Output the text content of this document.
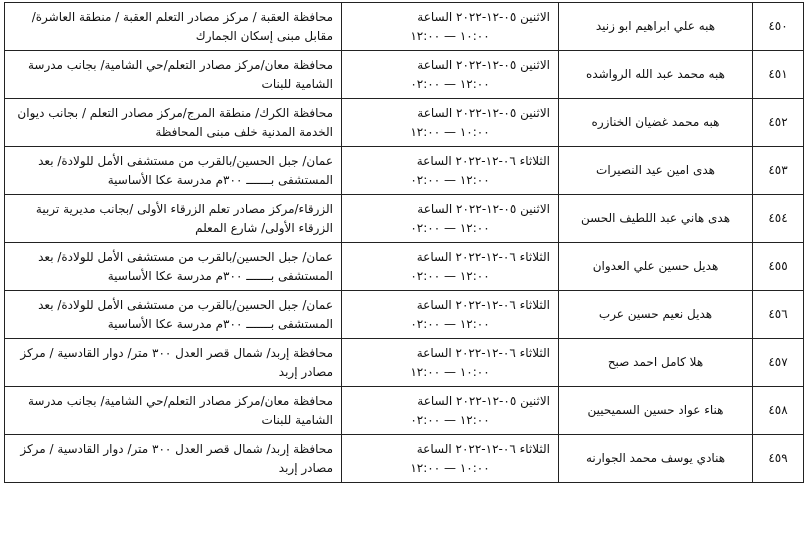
٤٥٠	هبه علي ابراهيم ابو زنيد	الاثنين ٠٥-١٢-٢٠٢٢ الساعة
١٠:٠٠ — ١٢:٠٠	محافظة العقبة / مركز مصادر التعلم العقبة / منطقة العاشرة/
مقابل مبنى إسكان الجمارك

٤٥١	هبه محمد عبد الله الرواشده	الاثنين ٠٥-١٢-٢٠٢٢ الساعة
١٢:٠٠ — ٠٢:٠٠	محافظة معان/مركز مصادر التعلم/حي الشامية/ بجانب مدرسة
الشامية للبنات

٤٥٢	هبه محمد غضيان الخنازره	الاثنين ٠٥-١٢-٢٠٢٢ الساعة
١٠:٠٠ — ١٢:٠٠	محافظة الكرك/ منطقة المرج/مركز مصادر التعلم / بجانب ديوان
الخدمة المدنية خلف مبنى المحافظة

٤٥٣	هدى امين عيد النصيرات	الثلاثاء ٠٦-١٢-٢٠٢٢ الساعة
١٢:٠٠ — ٠٢:٠٠	عمان/ جبل الحسين/بالقرب من مستشفى الأمل للولادة/ بعد
المستشفى بـــــــ ٣٠٠م مدرسة عكا الأساسية

٤٥٤	هدى هاني عبد اللطيف الحسن	الاثنين ٠٥-١٢-٢٠٢٢ الساعة
١٢:٠٠ — ٠٢:٠٠	الزرقاء/مركز مصادر تعلم الزرقاء الأولى /بجانب مديرية تربية
الزرقاء الأولى/ شارع المعلم

٤٥٥	هديل حسين علي العدوان	الثلاثاء ٠٦-١٢-٢٠٢٢ الساعة
١٢:٠٠ — ٠٢:٠٠	عمان/ جبل الحسين/بالقرب من مستشفى الأمل للولادة/ بعد
المستشفى بـــــــ ٣٠٠م مدرسة عكا الأساسية

٤٥٦	هديل نعيم حسين عرب	الثلاثاء ٠٦-١٢-٢٠٢٢ الساعة
١٢:٠٠ — ٠٢:٠٠	عمان/ جبل الحسين/بالقرب من مستشفى الأمل للولادة/ بعد
المستشفى بـــــــ ٣٠٠م مدرسة عكا الأساسية

٤٥٧	هلا كامل احمد صبح	الثلاثاء ٠٦-١٢-٢٠٢٢ الساعة
١٠:٠٠ — ١٢:٠٠	محافظة إربد/ شمال قصر العدل ٣٠٠ متر/ دوار القادسية / مركز
مصادر إربد

٤٥٨	هناء عواد حسين السميحيين	الاثنين ٠٥-١٢-٢٠٢٢ الساعة
١٢:٠٠ — ٠٢:٠٠	محافظة معان/مركز مصادر التعلم/حي الشامية/ بجانب مدرسة
الشامية للبنات

٤٥٩	هنادي يوسف محمد الجوارنه	الثلاثاء ٠٦-١٢-٢٠٢٢ الساعة
١٠:٠٠ — ١٢:٠٠	محافظة إربد/ شمال قصر العدل ٣٠٠ متر/ دوار القادسية / مركز
مصادر إربد
